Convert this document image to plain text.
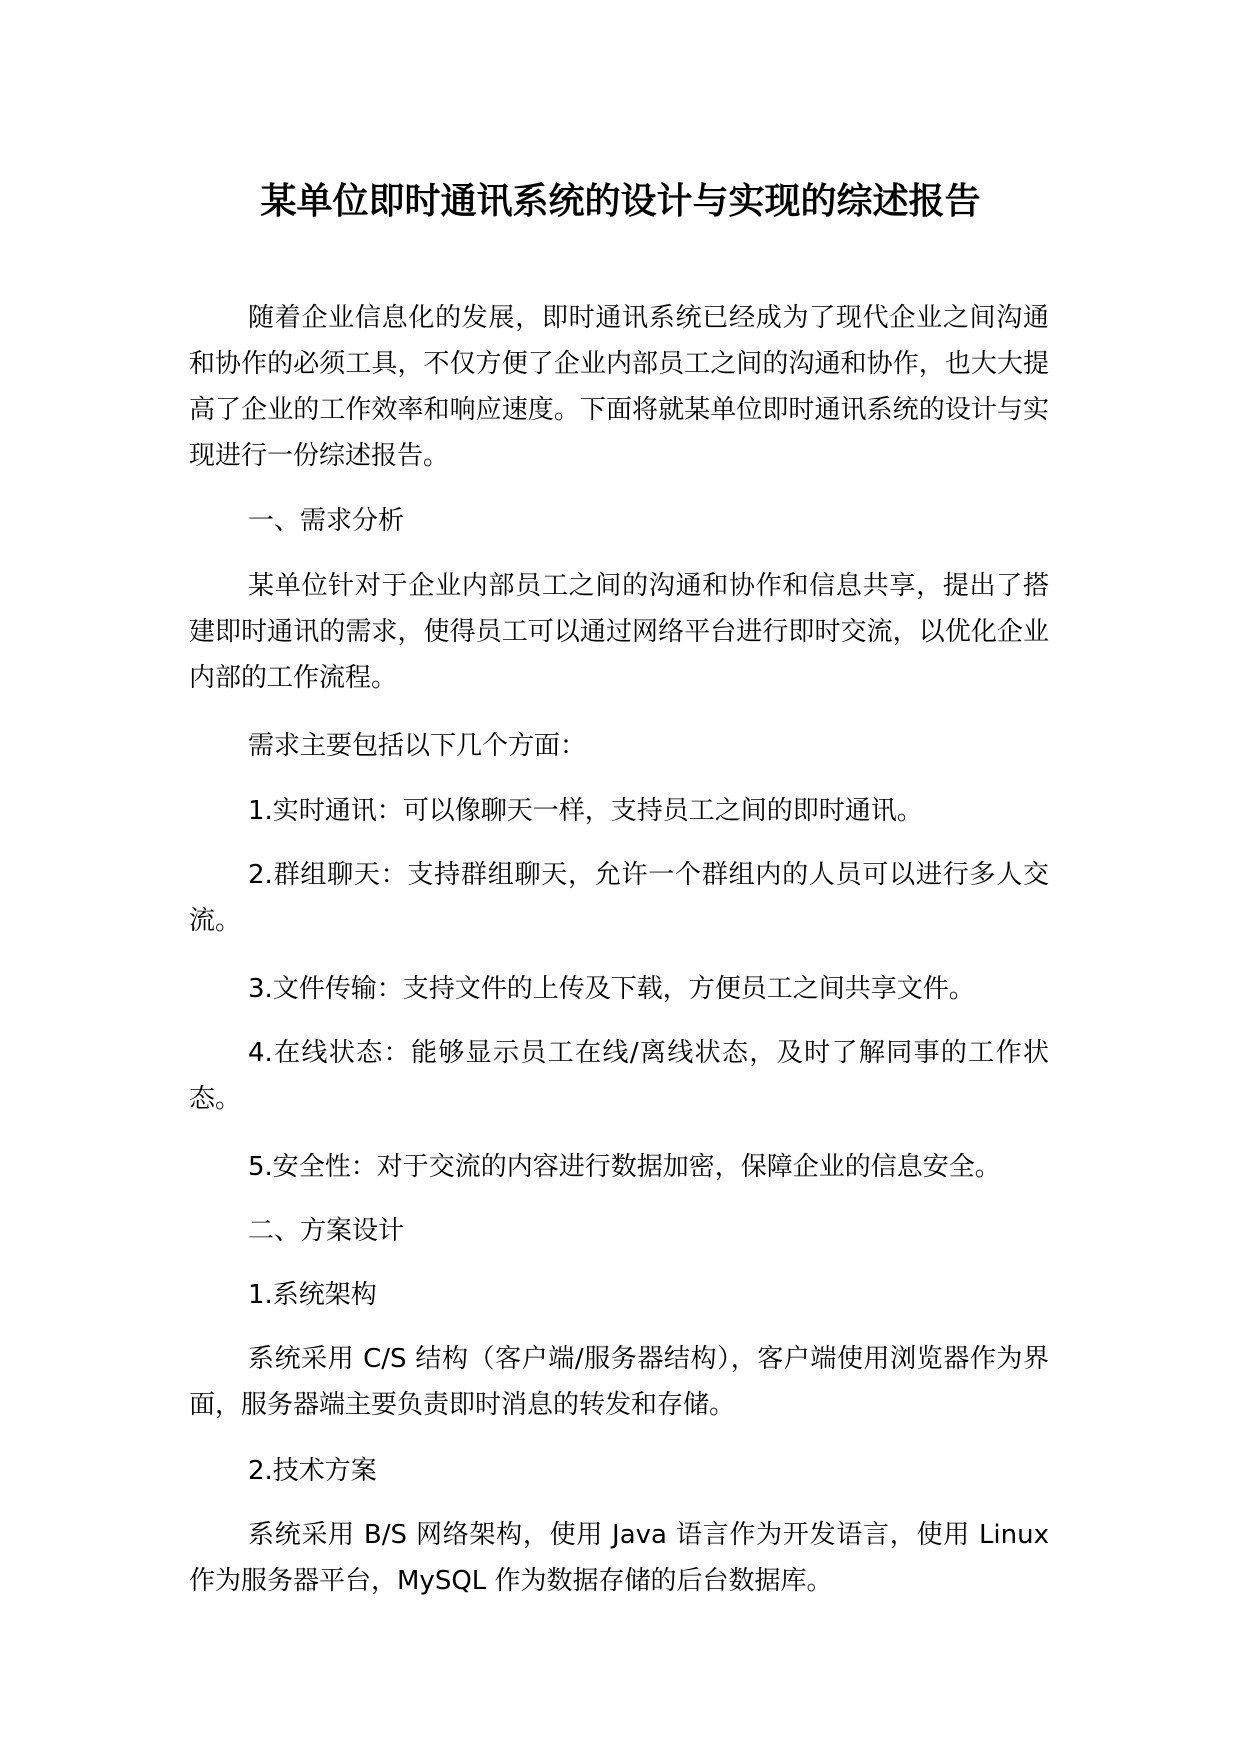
某单位即时通讯系统的设计与实现的综述报告

随着企业信息化的发展，即时通讯系统已经成为了现代企业之间沟通和协作的必须工具，不仅方便了企业内部员工之间的沟通和协作，也大大提高了企业的工作效率和响应速度。下面将就某单位即时通讯系统的设计与实现进行一份综述报告。

一、需求分析

某单位针对于企业内部员工之间的沟通和协作和信息共享，提出了搭建即时通讯的需求，使得员工可以通过网络平台进行即时交流，以优化企业内部的工作流程。

需求主要包括以下几个方面：

1.实时通讯：可以像聊天一样，支持员工之间的即时通讯。

2.群组聊天：支持群组聊天，允许一个群组内的人员可以进行多人交流。

3.文件传输：支持文件的上传及下载，方便员工之间共享文件。

4.在线状态：能够显示员工在线/离线状态，及时了解同事的工作状态。

5.安全性：对于交流的内容进行数据加密，保障企业的信息安全。

二、方案设计

1.系统架构

系统采用 C/S 结构（客户端/服务器结构），客户端使用浏览器作为界面，服务器端主要负责即时消息的转发和存储。

2.技术方案

系统采用 B/S 网络架构，使用 Java 语言作为开发语言，使用 Linux 作为服务器平台，MySQL 作为数据存储的后台数据库。
